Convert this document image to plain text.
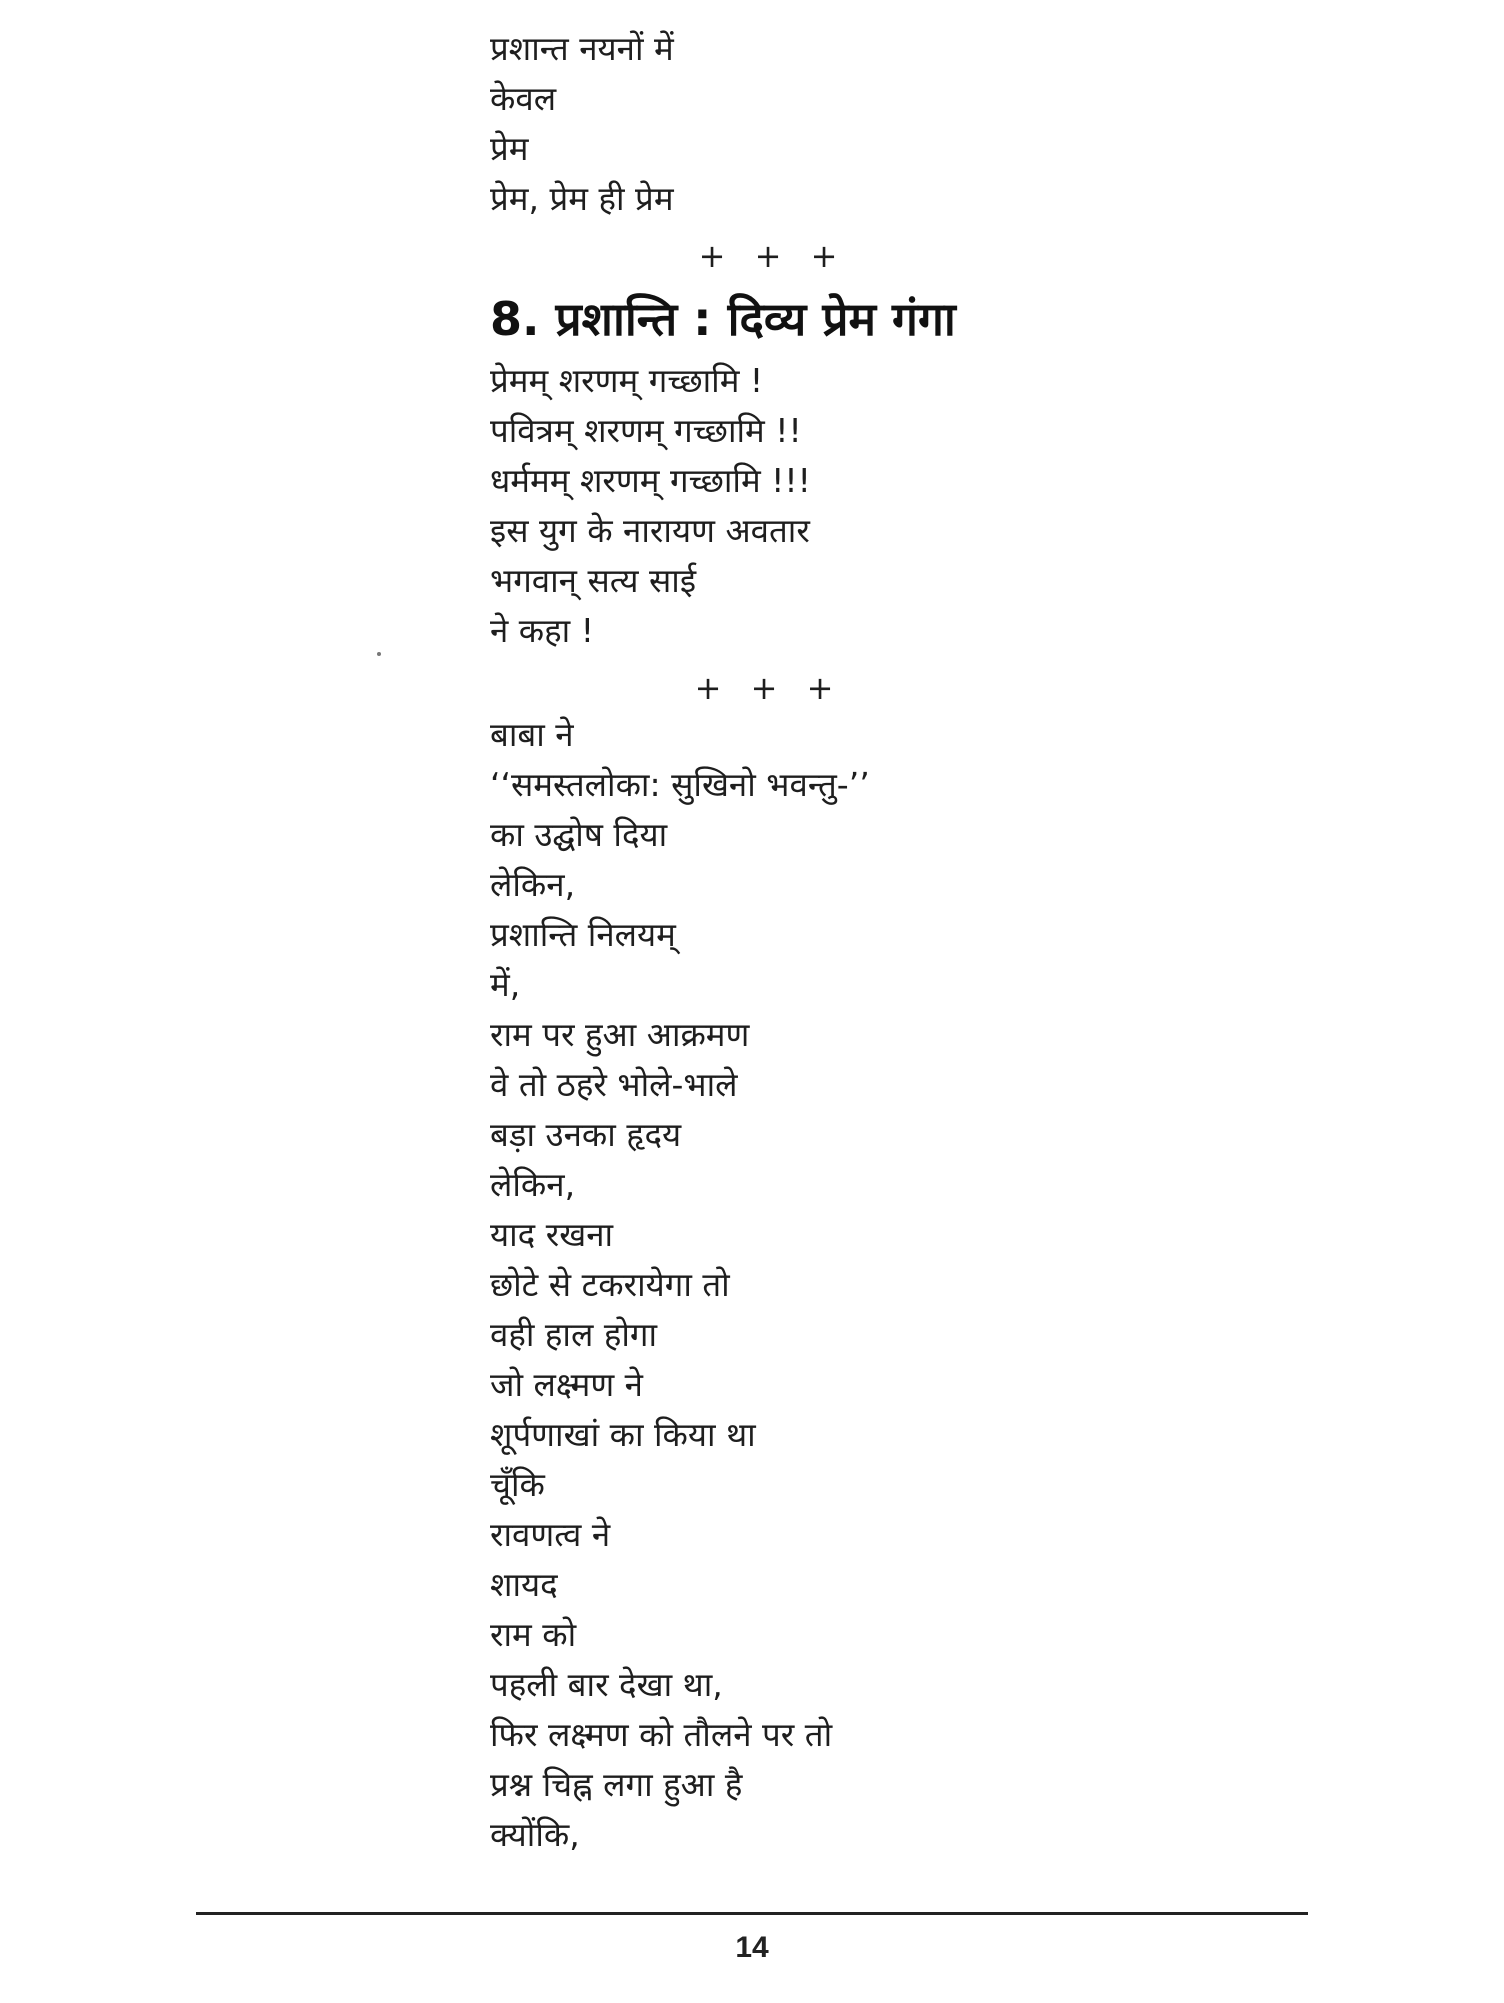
प्रशान्त नयनों में

केवल

प्रेम

प्रेम, प्रेम ही प्रेम

+ + +
8. प्रशान्ति : दिव्य प्रेम गंगा

प्रेमम् शरणम् गच्छामि !

पवित्रम् शरणम् गच्छामि !!

धर्ममम् शरणम् गच्छामि !!!

इस युग के नारायण अवतार

भगवान् सत्य साई

ने कहा !

+ + +

बाबा ने

‘‘समस्तलोका: सुखिनो भवन्तु-’’

का उद्घोष दिया

लेकिन,

प्रशान्ति निलयम्

में,

राम पर हुआ आक्रमण

वे तो ठहरे भोले-भाले

बड़ा उनका हृदय

लेकिन,

याद रखना

छोटे से टकरायेगा तो

वही हाल होगा

जो लक्ष्मण ने

शूर्पणाखां का किया था

चूँकि

रावणत्व ने

शायद

राम को

पहली बार देखा था,

फिर लक्ष्मण को तौलने पर तो

प्रश्न चिह्न लगा हुआ है

क्योंकि,

14
